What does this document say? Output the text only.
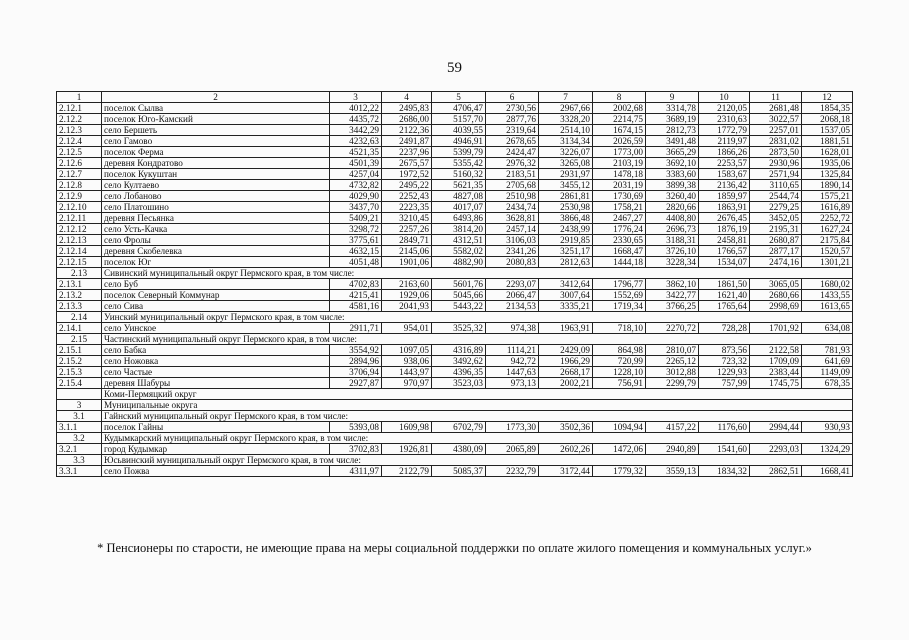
59
1	2	3	4	5	6	7	8	9	10	11	12
2.12.1	поселок Сылва	4012,22	2495,83	4706,47	2730,56	2967,66	2002,68	3314,78	2120,05	2681,48	1854,35
2.12.2	поселок Юго-Камский	4435,72	2686,00	5157,70	2877,76	3328,20	2214,75	3689,19	2310,63	3022,57	2068,18
2.12.3	село Бершеть	3442,29	2122,36	4039,55	2319,64	2514,10	1674,15	2812,73	1772,79	2257,01	1537,05
2.12.4	село Гамово	4232,63	2491,87	4946,91	2678,65	3134,34	2026,59	3491,48	2119,97	2831,02	1881,51
2.12.5	поселок Ферма	4521,35	2237,96	5399,79	2424,47	3226,07	1773,00	3665,29	1866,26	2873,50	1628,01
2.12.6	деревня Кондратово	4501,39	2675,57	5355,42	2976,32	3265,08	2103,19	3692,10	2253,57	2930,96	1935,06
2.12.7	поселок Кукуштан	4257,04	1972,52	5160,32	2183,51	2931,97	1478,18	3383,60	1583,67	2571,94	1325,84
2.12.8	село Култаево	4732,82	2495,22	5621,35	2705,68	3455,12	2031,19	3899,38	2136,42	3110,65	1890,14
2.12.9	село Лобаново	4029,90	2252,43	4827,08	2510,98	2861,81	1730,69	3260,40	1859,97	2544,74	1575,21
2.12.10	село Платошино	3437,70	2223,35	4017,07	2434,74	2530,98	1758,21	2820,66	1863,91	2279,25	1616,89
2.12.11	деревня Песьянка	5409,21	3210,45	6493,86	3628,81	3866,48	2467,27	4408,80	2676,45	3452,05	2252,72
2.12.12	село Усть-Качка	3298,72	2257,26	3814,20	2457,14	2438,99	1776,24	2696,73	1876,19	2195,31	1627,24
2.12.13	село Фролы	3775,61	2849,71	4312,51	3106,03	2919,85	2330,65	3188,31	2458,81	2680,87	2175,84
2.12.14	деревня Скобелевка	4632,15	2145,06	5582,02	2341,26	3251,17	1668,47	3726,10	1766,57	2877,17	1520,57
2.12.15	поселок Юг	4051,48	1901,06	4882,90	2080,83	2812,63	1444,18	3228,34	1534,07	2474,16	1301,21
2.13	Сивинский муниципальный округ Пермского края, в том числе:										
2.13.1	село Буб	4702,83	2163,60	5601,76	2293,07	3412,64	1796,77	3862,10	1861,50	3065,05	1680,02
2.13.2	поселок Северный Коммунар	4215,41	1929,06	5045,66	2066,47	3007,64	1552,69	3422,77	1621,40	2680,66	1433,55
2.13.3	село Сива	4581,16	2041,93	5443,22	2134,53	3335,21	1719,34	3766,25	1765,64	2998,69	1613,65
2.14	Уинский муниципальный округ Пермского края, в том числе:										
2.14.1	село Уинское	2911,71	954,01	3525,32	974,38	1963,91	718,10	2270,72	728,28	1701,92	634,08
2.15	Частинский муниципальный округ Пермского края, в том числе:										
2.15.1	село Бабка	3554,92	1097,05	4316,89	1114,21	2429,09	864,98	2810,07	873,56	2122,58	781,93
2.15.2	село Ножовка	2894,96	938,06	3492,62	942,72	1966,29	720,99	2265,12	723,32	1709,09	641,69
2.15.3	село Частые	3706,94	1443,97	4396,35	1447,63	2668,17	1228,10	3012,88	1229,93	2383,44	1149,09
2.15.4	деревня Шабуры	2927,87	970,97	3523,03	973,13	2002,21	756,91	2299,79	757,99	1745,75	678,35
	Коми-Пермяцкий округ										
3	Муниципальные округа										
3.1	Гайнский муниципальный округ Пермского края, в том числе:										
3.1.1	поселок Гайны	5393,08	1609,98	6702,79	1773,30	3502,36	1094,94	4157,22	1176,60	2994,44	930,93
3.2	Кудымкарский муниципальный округ Пермского края, в том числе:										
3.2.1	город Кудымкар	3702,83	1926,81	4380,09	2065,89	2602,26	1472,06	2940,89	1541,60	2293,03	1324,29
3.3	Юсьвинский муниципальный округ Пермского края, в том числе:										
3.3.1	село Пожва	4311,97	2122,79	5085,37	2232,79	3172,44	1779,32	3559,13	1834,32	2862,51	1668,41
* Пенсионеры по старости, не имеющие права на меры социальной поддержки по оплате жилого помещения и коммунальных услуг.»
